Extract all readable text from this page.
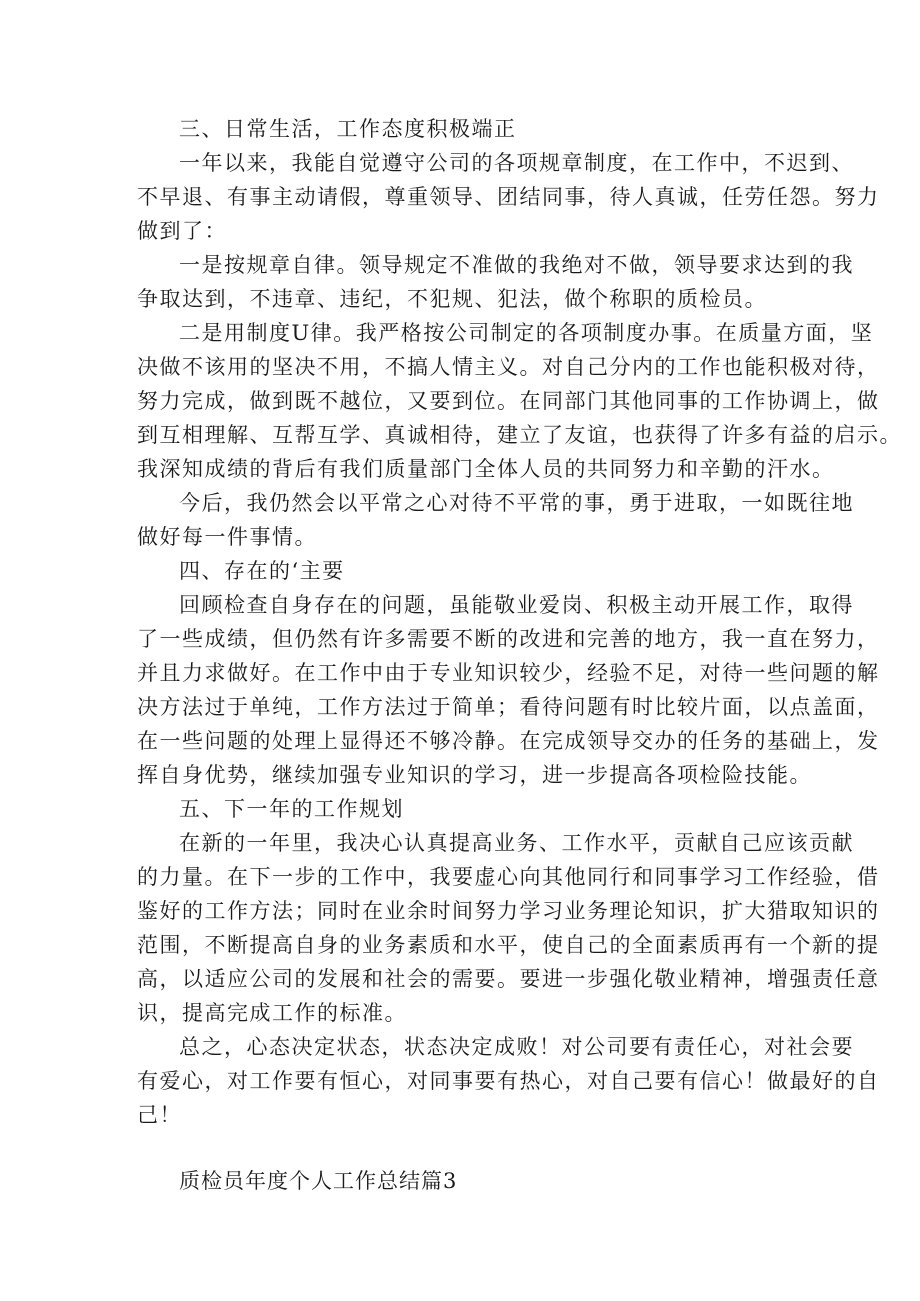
三、日常生活，工作态度积极端正
一年以来，我能自觉遵守公司的各项规章制度，在工作中，不迟到、
不早退、有事主动请假，尊重领导、团结同事，待人真诚，任劳任怨。努力
做到了：
一是按规章自律。领导规定不准做的我绝对不做，领导要求达到的我
争取达到，不违章、违纪，不犯规、犯法，做个称职的质检员。
二是用制度U律。我严格按公司制定的各项制度办事。在质量方面，坚
决做不该用的坚决不用，不搞人情主义。对自己分内的工作也能积极对待，
努力完成，做到既不越位，又要到位。在同部门其他同事的工作协调上，做
到互相理解、互帮互学、真诚相待，建立了友谊，也获得了许多有益的启示。
我深知成绩的背后有我们质量部门全体人员的共同努力和辛勤的汗水。
今后，我仍然会以平常之心对待不平常的事，勇于进取，一如既往地
做好每一件事情。
四、存在的‘主要
回顾检查自身存在的问题，虽能敬业爱岗、积极主动开展工作，取得
了一些成绩，但仍然有许多需要不断的改进和完善的地方，我一直在努力，
并且力求做好。在工作中由于专业知识较少，经验不足，对待一些问题的解
决方法过于单纯，工作方法过于简单；看待问题有时比较片面，以点盖面，
在一些问题的处理上显得还不够冷静。在完成领导交办的任务的基础上，发
挥自身优势，继续加强专业知识的学习，进一步提高各项检险技能。
五、下一年的工作规划
在新的一年里，我决心认真提高业务、工作水平，贡献自己应该贡献
的力量。在下一步的工作中，我要虚心向其他同行和同事学习工作经验，借
鉴好的工作方法；同时在业余时间努力学习业务理论知识，扩大猎取知识的
范围，不断提高自身的业务素质和水平，使自己的全面素质再有一个新的提
高，以适应公司的发展和社会的需要。要进一步强化敬业精神，增强责任意
识，提高完成工作的标准。
总之，心态决定状态，状态决定成败！对公司要有责任心，对社会要
有爱心，对工作要有恒心，对同事要有热心，对自己要有信心！做最好的自
己！
质检员年度个人工作总结篇3
